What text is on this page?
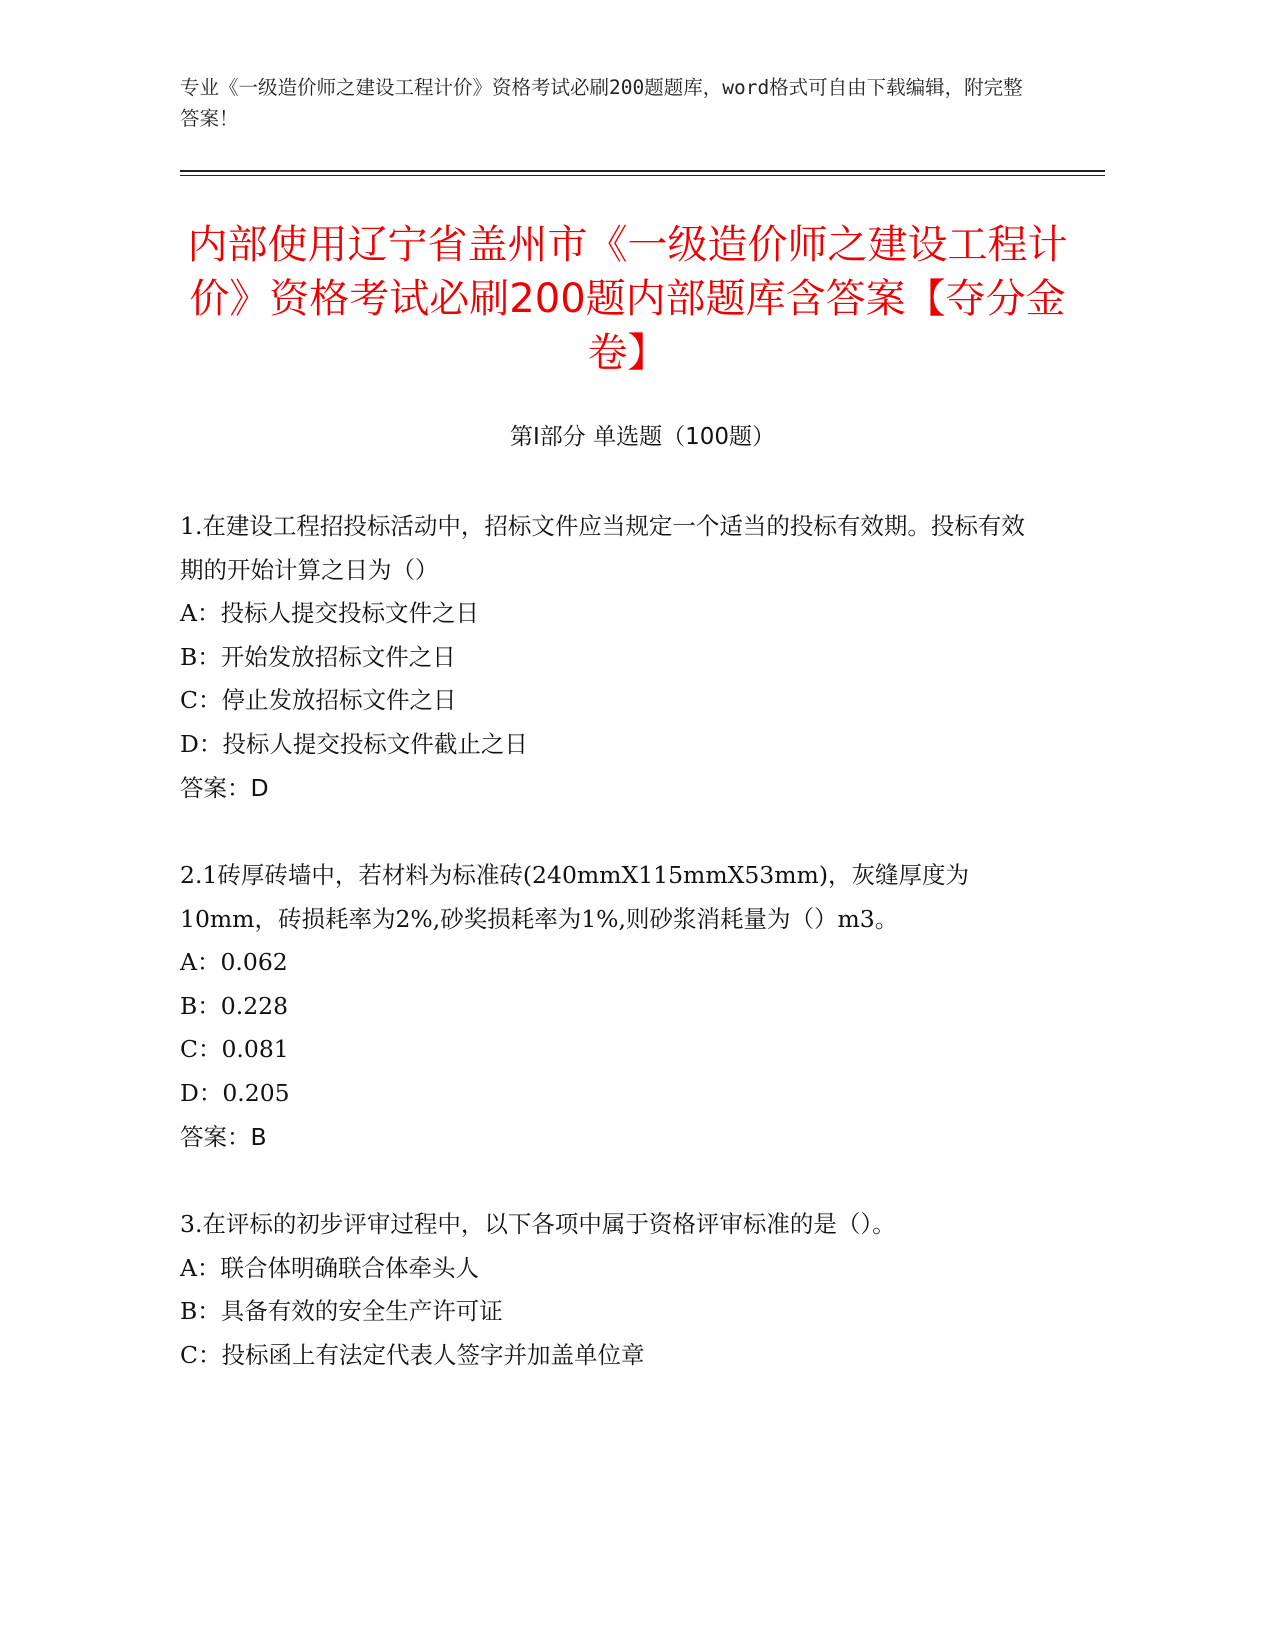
专业《一级造价师之建设工程计价》资格考试必刷200题题库，word格式可自由下载编辑，附完整答案！
内部使用辽宁省盖州市《一级造价师之建设工程计价》资格考试必刷200题内部题库含答案【夺分金卷】
第I部分 单选题（100题）
1.在建设工程招投标活动中，招标文件应当规定一个适当的投标有效期。投标有效期的开始计算之日为（）
A：投标人提交投标文件之日
B：开始发放招标文件之日
C：停止发放招标文件之日
D：投标人提交投标文件截止之日
答案：D
2.1砖厚砖墙中，若材料为标准砖(240mmX115mmX53mm)，灰缝厚度为10mm，砖损耗率为2%,砂奖损耗率为1%,则砂浆消耗量为（）m3。
A：0.062
B：0.228
C：0.081
D：0.205
答案：B
3.在评标的初步评审过程中，以下各项中属于资格评审标准的是（）。
A：联合体明确联合体牵头人
B：具备有效的安全生产许可证
C：投标函上有法定代表人签字并加盖单位章
